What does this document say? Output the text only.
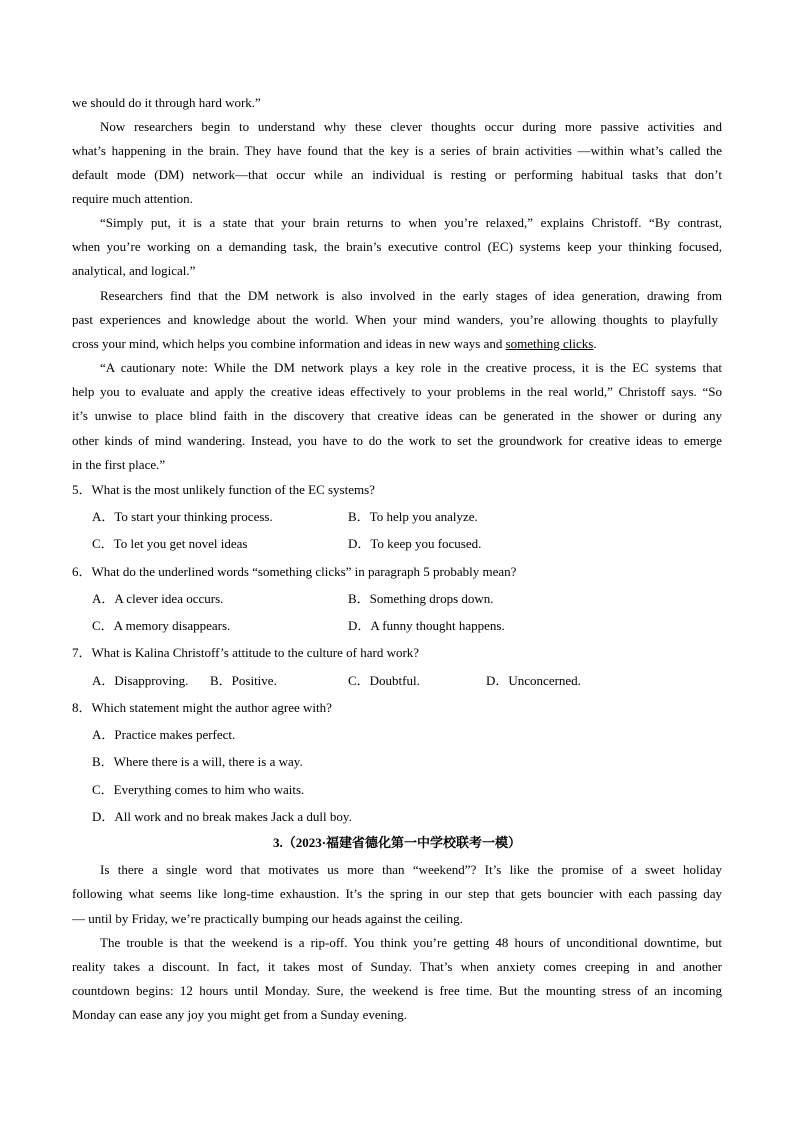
we should do it through hard work.”
Now researchers begin to understand why these clever thoughts occur during more passive activities and
what’s happening in the brain. They have found that the key is a series of brain activities —within what’s called the
default mode (DM) network—that occur while an individual is resting or performing habitual tasks that don’t
require much attention.
“Simply put, it is a state that your brain returns to when you’re relaxed,” explains Christoff. “By contrast,
when you’re working on a demanding task, the brain’s executive control (EC) systems keep your thinking focused,
analytical, and logical.”
Researchers find that the DM network is also involved in the early stages of idea generation, drawing from
past experiences and knowledge about the world. When your mind wanders, you’re allowing thoughts to playfully
cross your mind, which helps you combine information and ideas in new ways and something clicks.
“A cautionary note: While the DM network plays a key role in the creative process, it is the EC systems that
help you to evaluate and apply the creative ideas effectively to your problems in the real world,” Christoff says. “So
it’s unwise to place blind faith in the discovery that creative ideas can be generated in the shower or during any
other kinds of mind wandering. Instead, you have to do the work to set the groundwork for creative ideas to emerge
in the first place.”
5．What is the most unlikely function of the EC systems?
A．To start your thinking process.	B．To help you analyze.
C．To let you get novel ideas	D．To keep you focused.
6．What do the underlined words “something clicks” in paragraph 5 probably mean?
A．A clever idea occurs.	B．Something drops down.
C．A memory disappears.	D．A funny thought happens.
7．What is Kalina Christoff’s attitude to the culture of hard work?
A．Disapproving. B．Positive.	C．Doubtful.	D．Unconcerned.
8．Which statement might the author agree with?
A．Practice makes perfect.
B．Where there is a will, there is a way.
C．Everything comes to him who waits.
D．All work and no break makes Jack a dull boy.
3.（2023·福建省德化第一中学校联考一模）
Is there a single word that motivates us more than “weekend”? It’s like the promise of a sweet holiday
following what seems like long-time exhaustion. It’s the spring in our step that gets bouncier with each passing day
— until by Friday, we’re practically bumping our heads against the ceiling.
The trouble is that the weekend is a rip-off. You think you’re getting 48 hours of unconditional downtime, but
reality takes a discount. In fact, it takes most of Sunday. That’s when anxiety comes creeping in and another
countdown begins: 12 hours until Monday. Sure, the weekend is free time. But the mounting stress of an incoming
Monday can ease any joy you might get from a Sunday evening.
